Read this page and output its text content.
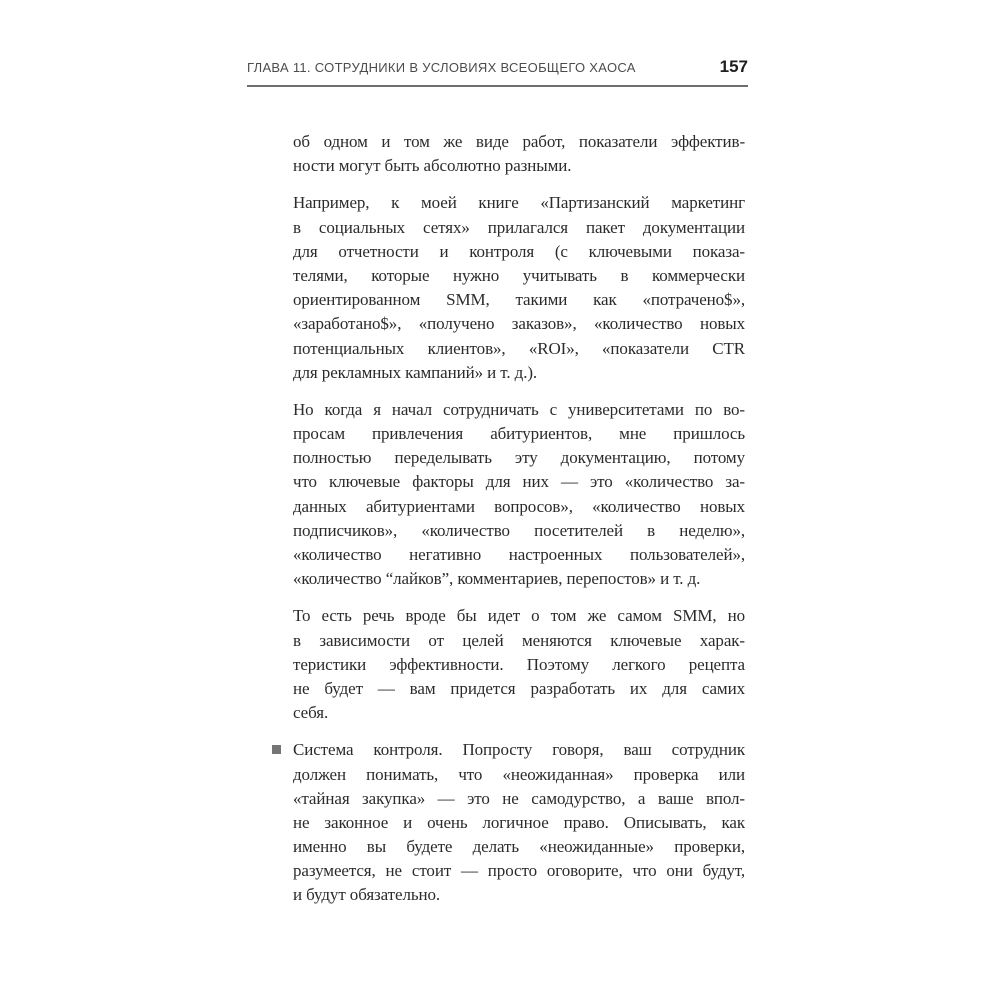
ГЛАВА 11. СОТРУДНИКИ В УСЛОВИЯХ ВСЕОБЩЕГО ХАОСА	157
об одном и том же виде работ, показатели эффектив-
ности могут быть абсолютно разными.
Например, к моей книге «Партизанский маркетинг
в социальных сетях» прилагался пакет документации
для отчетности и контроля (с ключевыми показа-
телями, которые нужно учитывать в коммерчески
ориентированном SMM, такими как «потрачено$»,
«заработано$», «получено заказов», «количество новых
потенциальных клиентов», «ROI», «показатели CTR
для рекламных кампаний» и т. д.).
Но когда я начал сотрудничать с университетами по во-
просам привлечения абитуриентов, мне пришлось
полностью переделывать эту документацию, потому
что ключевые факторы для них — это «количество за-
данных абитуриентами вопросов», «количество новых
подписчиков», «количество посетителей в неделю»,
«количество негативно настроенных пользователей»,
«количество “лайков”, комментариев, перепостов» и т. д.
То есть речь вроде бы идет о том же самом SMM, но
в зависимости от целей меняются ключевые харак-
теристики эффективности. Поэтому легкого рецепта
не будет — вам придется разработать их для самих
себя.
Система контроля. Попросту говоря, ваш сотрудник
должен понимать, что «неожиданная» проверка или
«тайная закупка» — это не самодурство, а ваше впол-
не законное и очень логичное право. Описывать, как
именно вы будете делать «неожиданные» проверки,
разумеется, не стоит — просто оговорите, что они будут,
и будут обязательно.
